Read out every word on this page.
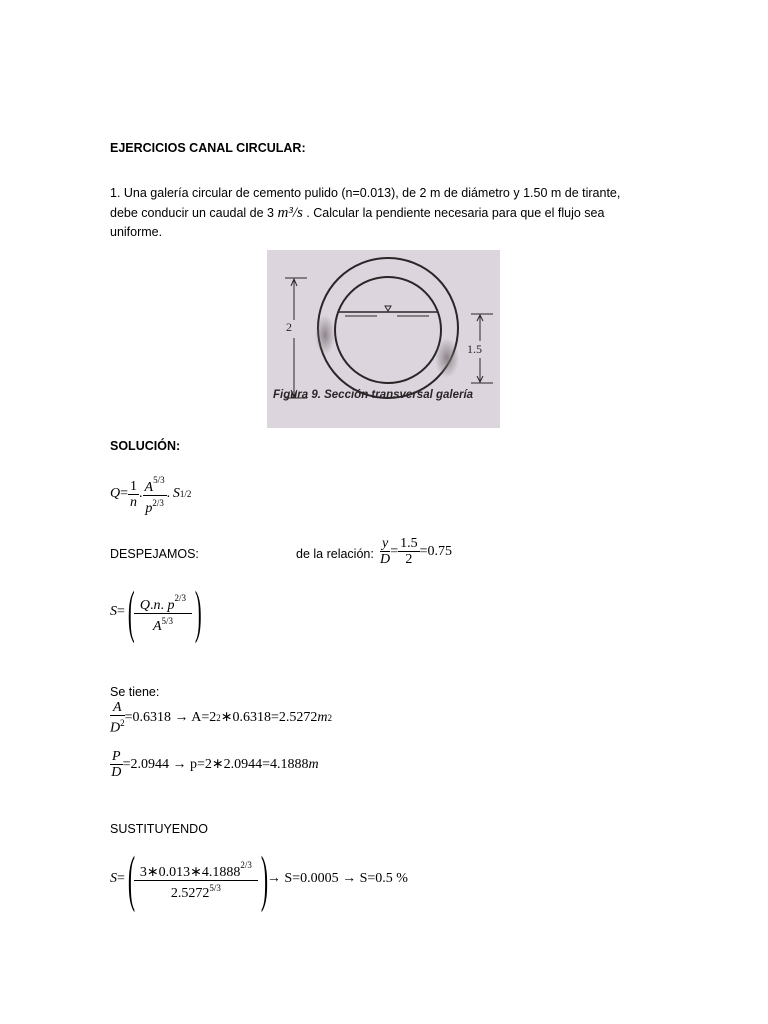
EJERCICIOS CANAL CIRCULAR:
1. Una galería circular de cemento pulido (n=0.013), de 2 m de diámetro y 1.50 m de tirante,
debe conducir un caudal de 3 m³/s . Calcular la pendiente necesaria para que el flujo sea
uniforme.
2
1.5
Figura 9. Sección transversal galería
SOLUCIÓN:
$Q = \frac{1}{n}$ . $\frac{A^{5/3}}{p^{2/3}}$ .  S 1/2
DESPEJAMOS:	de la relación: $\frac{y}{D} = \frac{1.5}{2} =0.75$
S = ( $\frac{Q.n. p^{2/3}}{A^{5/3}}$ )
Se tiene:
$\frac{A}{D^2} =0.6318 \to A=2$ 2 ∗0.6318=2.5272 m 2
$\frac{P}{D} =2.0944$ → p=2∗2.0944=4.1888 m
SUSTITUYENDO
S = (
$\frac{3∗0.013∗4.1888^{2/3}}{2.5272^{5/3}}$ )
→ S=0.0005 → S=0.5 %
